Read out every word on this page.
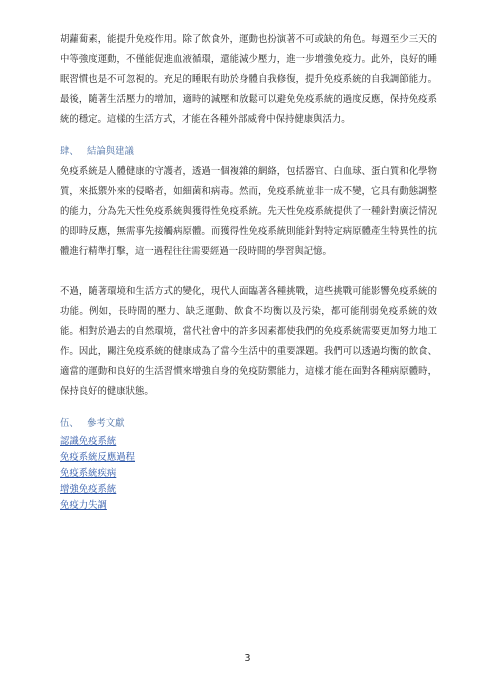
胡蘿蔔素，能提升免疫作用。除了飲食外，運動也扮演著不可或缺的角色。每週至少三天的中等強度運動，不僅能促進血液循環，還能減少壓力，進一步增強免疫力。此外，良好的睡眠習慣也是不可忽視的。充足的睡眠有助於身體自我修復，提升免疫系統的自我調節能力。最後，隨著生活壓力的增加，適時的減壓和放鬆可以避免免疫系統的過度反應，保持免疫系統的穩定。這樣的生活方式，才能在各種外部威脅中保持健康與活力。

肆、 結論與建議

免疫系統是人體健康的守護者，透過一個複雜的網絡，包括器官、白血球、蛋白質和化學物質，來抵禦外來的侵略者，如細菌和病毒。然而，免疫系統並非一成不變，它具有動態調整的能力，分為先天性免疫系統與獲得性免疫系統。先天性免疫系統提供了一種針對廣泛情況的即時反應，無需事先接觸病原體。而獲得性免疫系統則能針對特定病原體產生特異性的抗體進行精準打擊，這一過程往往需要經過一段時間的學習與記憶。

不過，隨著環境和生活方式的變化，現代人面臨著各種挑戰，這些挑戰可能影響免疫系統的功能。例如，長時間的壓力、缺乏運動、飲食不均衡以及污染，都可能削弱免疫系統的效能。相對於過去的自然環境，當代社會中的許多因素都使我們的免疫系統需要更加努力地工作。因此，關注免疫系統的健康成為了當今生活中的重要課題。我們可以透過均衡的飲食、適當的運動和良好的生活習慣來增強自身的免疫防禦能力，這樣才能在面對各種病原體時，保持良好的健康狀態。

伍、 參考文獻
認識免疫系統
免疫系統反應過程
免疫系統疾病
增強免疫系統
免疫力失調
3
